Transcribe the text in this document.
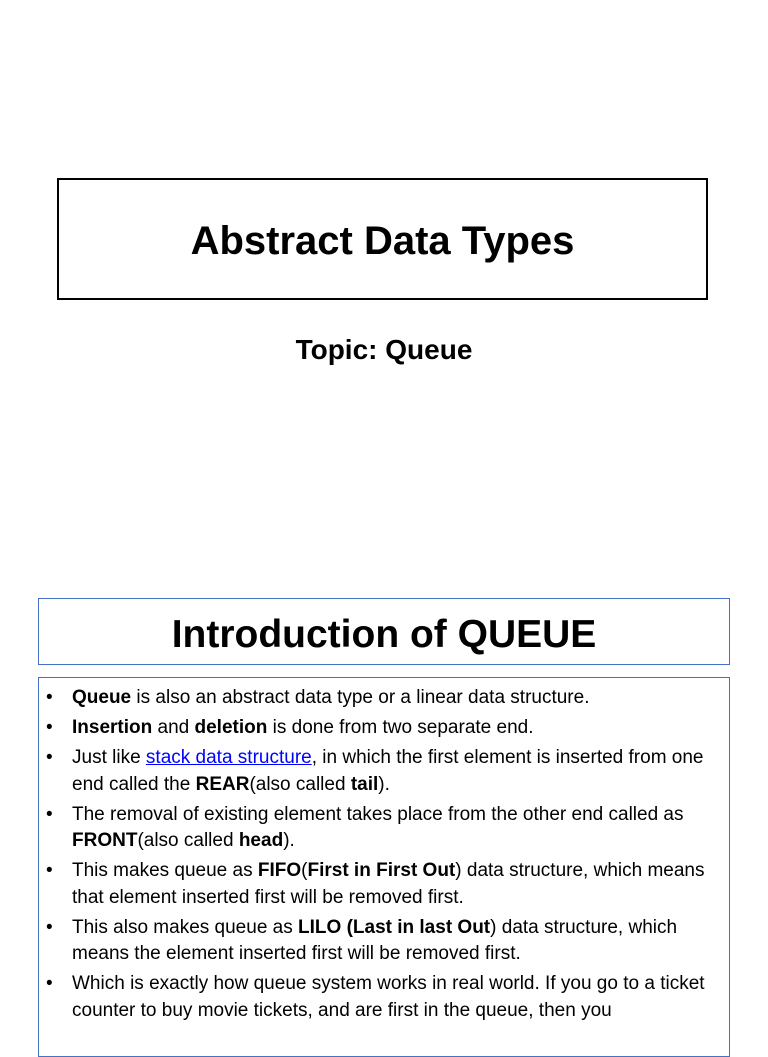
Abstract Data Types

Topic: Queue

Introduction of QUEUE
• Queue is also an abstract data type or a linear data structure.
• Insertion and deletion is done from two separate end.
• Just like stack data structure, in which the first element is inserted from one end called the REAR(also called tail).
• The removal of existing element takes place from the other end called as FRONT(also called head).
• This makes queue as FIFO(First in First Out) data structure, which means that element inserted first will be removed first.
• This also makes queue as LILO (Last in last Out) data structure, which means the element inserted first will be removed first.
• Which is exactly how queue system works in real world. If you go to a ticket counter to buy movie tickets, and are first in the queue, then you
